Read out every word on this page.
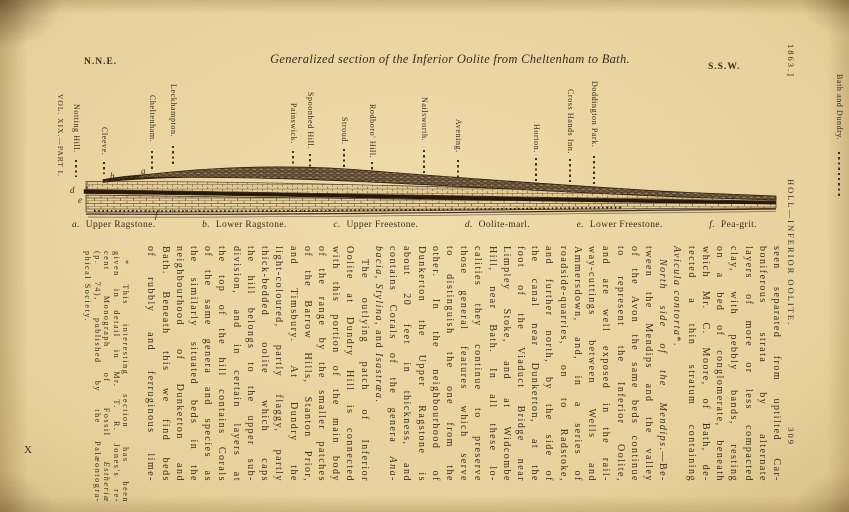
N.N.E.	Generalized section of the Inferior Oolite from Cheltenham to Bath.
S.S.W.	1863.]
HOLL—INFERIOR OOLITE.
309
VOL. XIX.—PART I.
X
Notting Hill. Cleeve.	Cheltenham. Leckhampton.	Painswick. Spoonbed Hill.	Stroud. Rodboro' Hill.	Nailsworth.	Avening.	Horton.	Cross Hands Inn. Doddington Park.	Bath and Dundry.
a
b
c
d
e
f
a. Upper Ragstone.	b. Lower Ragstone.	c. Upper Freestone.	d. Oolite-marl.	e. Lower Freestone.	f. Pea-grit.
seen separated from uptilted Car-
boniferous strata by alternate
layers of more or less compacted
clay, with pebbly bands, resting
on a bed of conglomerate, beneath
which Mr. C. Moore, of Bath, de-
tected a thin stratum containing
Avicula contorta*.
North side of the Mendips.—Be-
tween the Mendips and the valley
of the Avon the same beds continue
to represent the Inferior Oolite,
and are well exposed in the rail-
way-cuttings between Wells and
Ammersdown, and, in a series of
roadside-quarries, on to Radstoke,
and further north, by the side of
the canal near Dunkerton, at the
foot of the Viaduct Bridge near
Limpley Stoke, and at Widcombe
Hill, near Bath. In all these lo-
calities they continue to preserve
those general features which serve
to distinguish the one from the
other. In the neighbourhood of
Dunkerton the Upper Ragstone is
about 20 feet in thickness, and
contains Corals of the genera Ana-
bacia, Stylina, and Isastræa.
The outlying patch of Inferior
Oolite at Dundry Hill is connected
with this portion of the main body
of the range by the smaller patches
of the Barrow Hills, Stanton Prior,
and Timsbury. At Dundry the
light-coloured, partly flaggy, partly
thick-bedded oolite which caps
the hill belongs to the upper sub-
division, and in certain layers at
the top of the hill contains Corals
of the same genera and species as
the similarly situated beds in the
neighbourhood of Dunkerton and
Bath. Beneath this we find beds
of rubbly and ferruginous lime-
* This interesting section has been
given in detail in Mr. T. R. Jones's re-
cent Monograph of Fossil Estheriæ
(p. 74), published by the Palæontogra-
phical Society.
